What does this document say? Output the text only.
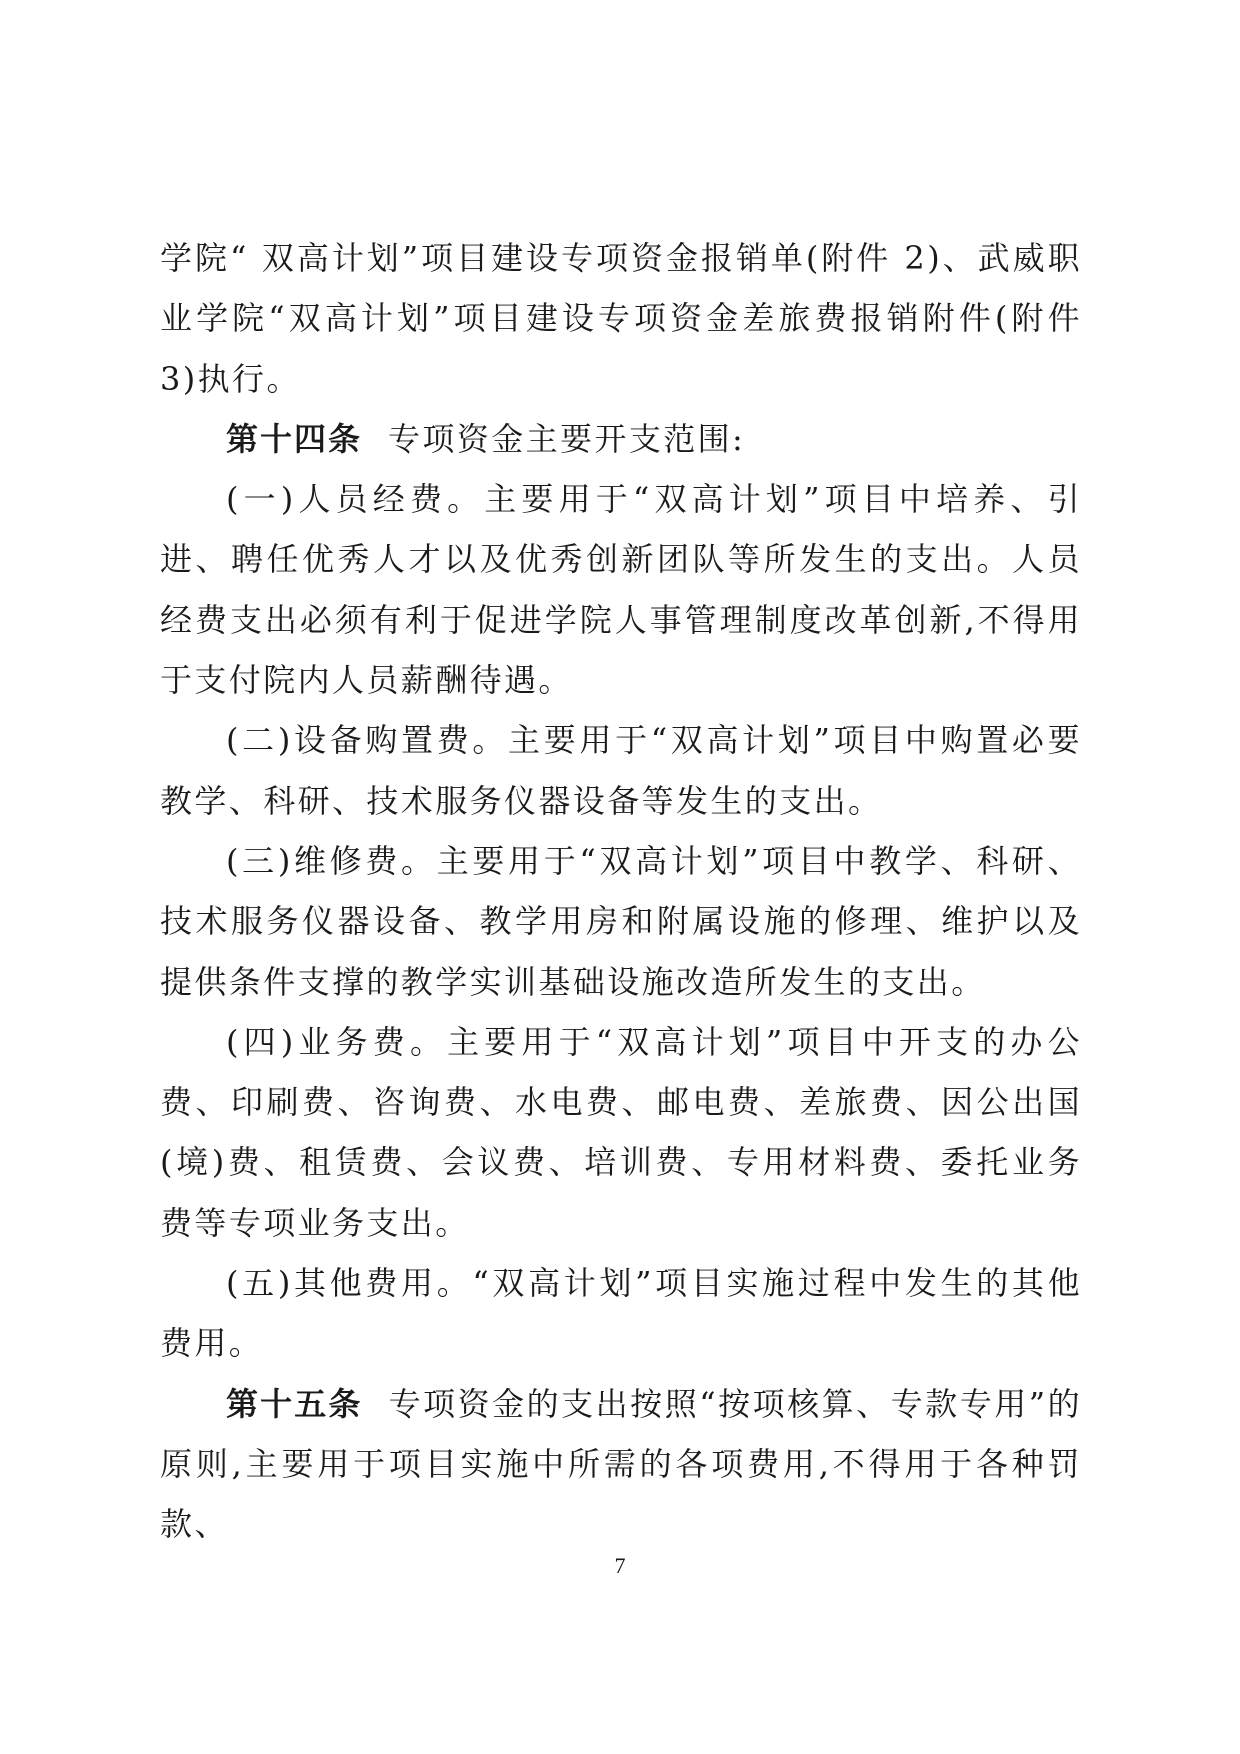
学院“ 双高计划”项目建设专项资金报销单(附件 2)、武威职业学院“双高计划”项目建设专项资金差旅费报销附件(附件 3)执行。

第十四条 专项资金主要开支范围:

(一)人员经费。主要用于“双高计划”项目中培养、引进、聘任优秀人才以及优秀创新团队等所发生的支出。人员经费支出必须有利于促进学院人事管理制度改革创新,不得用于支付院内人员薪酬待遇。

(二)设备购置费。主要用于“双高计划”项目中购置必要教学、科研、技术服务仪器设备等发生的支出。

(三)维修费。主要用于“双高计划”项目中教学、科研、技术服务仪器设备、教学用房和附属设施的修理、维护以及提供条件支撑的教学实训基础设施改造所发生的支出。

(四)业务费。主要用于“双高计划”项目中开支的办公费、印刷费、咨询费、水电费、邮电费、差旅费、因公出国(境)费、租赁费、会议费、培训费、专用材料费、委托业务费等专项业务支出。

(五)其他费用。“双高计划”项目实施过程中发生的其他费用。

第十五条 专项资金的支出按照“按项核算、专款专用”的原则,主要用于项目实施中所需的各项费用,不得用于各种罚款、

7
